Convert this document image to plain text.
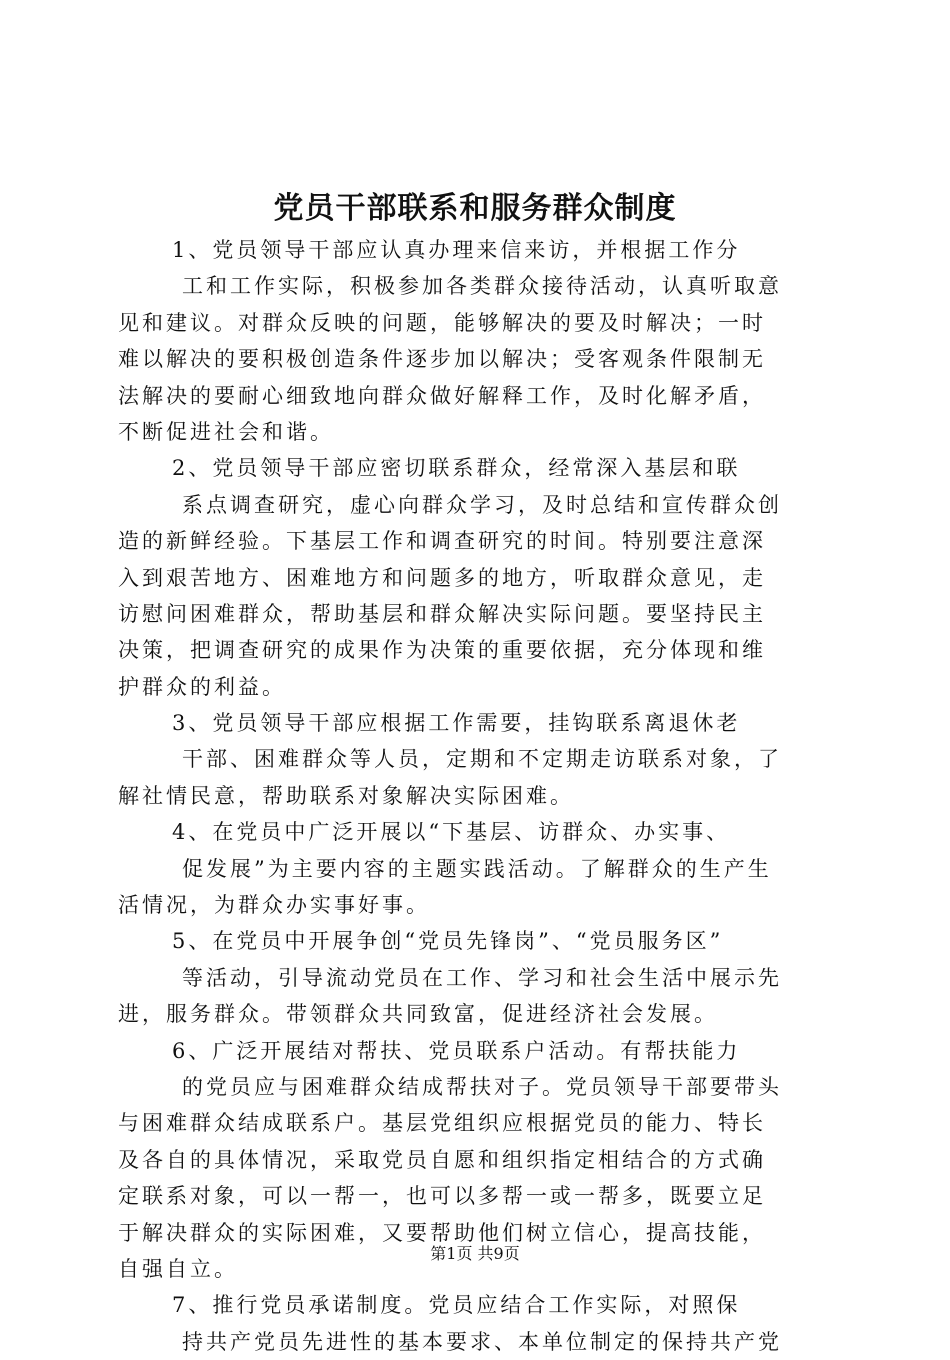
党员干部联系和服务群众制度
1、党员领导干部应认真办理来信来访，并根据工作分
工和工作实际，积极参加各类群众接待活动，认真听取意
见和建议。对群众反映的问题，能够解决的要及时解决；一时
难以解决的要积极创造条件逐步加以解决；受客观条件限制无
法解决的要耐心细致地向群众做好解释工作，及时化解矛盾，
不断促进社会和谐。
2、党员领导干部应密切联系群众，经常深入基层和联
系点调查研究，虚心向群众学习，及时总结和宣传群众创
造的新鲜经验。下基层工作和调查研究的时间。特别要注意深
入到艰苦地方、困难地方和问题多的地方，听取群众意见，走
访慰问困难群众，帮助基层和群众解决实际问题。要坚持民主
决策，把调查研究的成果作为决策的重要依据，充分体现和维
护群众的利益。
3、党员领导干部应根据工作需要，挂钩联系离退休老
干部、困难群众等人员，定期和不定期走访联系对象，了
解社情民意，帮助联系对象解决实际困难。
4、在党员中广泛开展以“下基层、访群众、办实事、
促发展”为主要内容的主题实践活动。了解群众的生产生
活情况，为群众办实事好事。
5、在党员中开展争创“党员先锋岗”、“党员服务区”
等活动，引导流动党员在工作、学习和社会生活中展示先
进，服务群众。带领群众共同致富，促进经济社会发展。
6、广泛开展结对帮扶、党员联系户活动。有帮扶能力
的党员应与困难群众结成帮扶对子。党员领导干部要带头
与困难群众结成联系户。基层党组织应根据党员的能力、特长
及各自的具体情况，采取党员自愿和组织指定相结合的方式确
定联系对象，可以一帮一，也可以多帮一或一帮多，既要立足
于解决群众的实际困难，又要帮助他们树立信心，提高技能，
自强自立。
7、推行党员承诺制度。党员应结合工作实际，对照保
持共产党员先进性的基本要求、本单位制定的保持共产党
第1页 共9页
